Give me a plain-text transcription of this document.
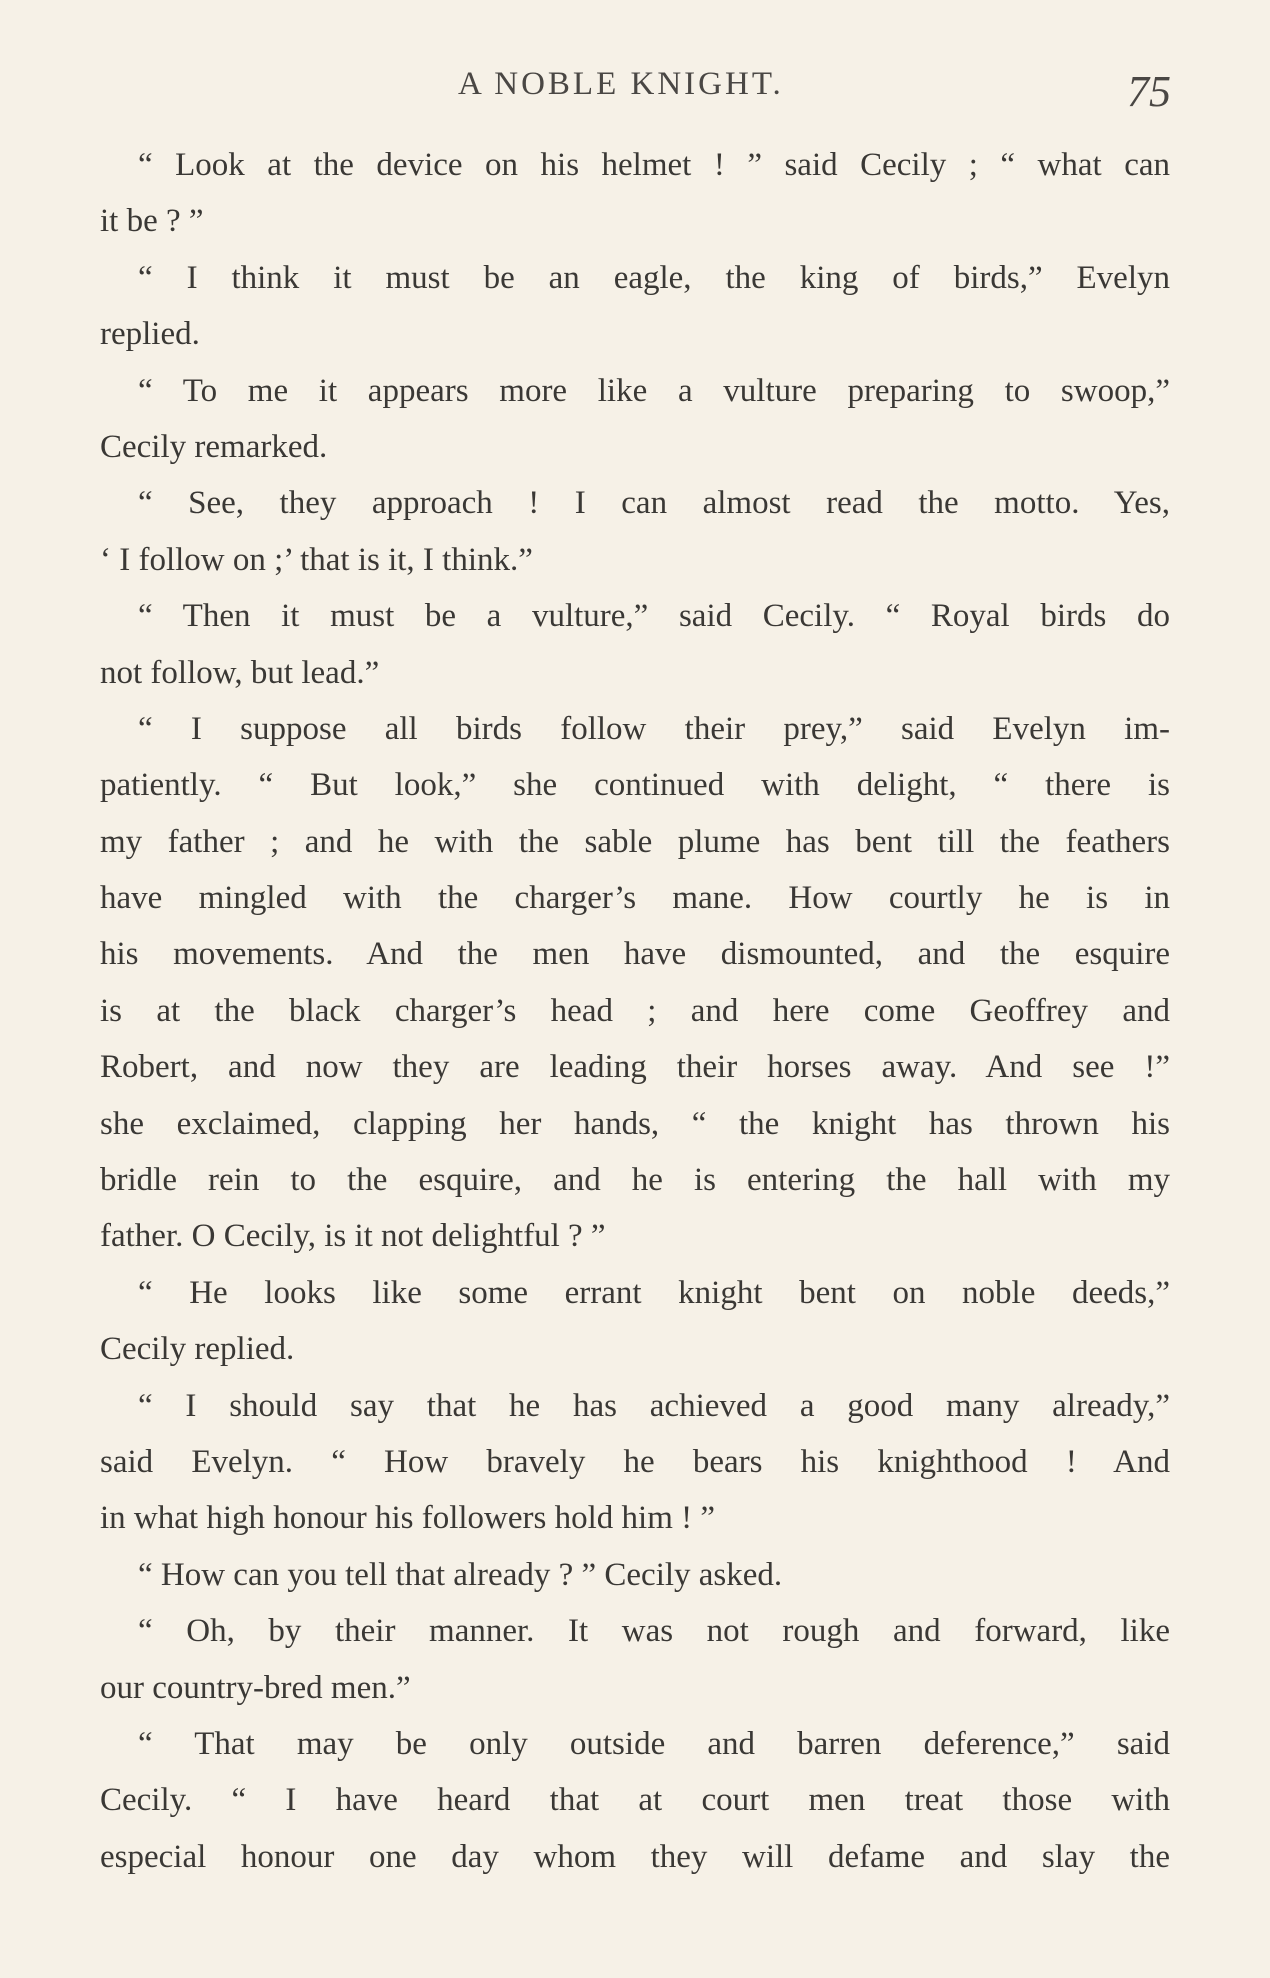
A NOBLE KNIGHT.	75
“ Look at the device on his helmet ! ” said Cecily ; “ what can
it be ? ”
“ I think it must be an eagle, the king of birds,” Evelyn
replied.
“ To me it appears more like a vulture preparing to swoop,”
Cecily remarked.
“ See, they approach ! I can almost read the motto. Yes,
‘ I follow on ;’ that is it, I think.”
“ Then it must be a vulture,” said Cecily. “ Royal birds do
not follow, but lead.”
“ I suppose all birds follow their prey,” said Evelyn im-
patiently. “ But look,” she continued with delight, “ there is
my father ; and he with the sable plume has bent till the feathers
have mingled with the charger’s mane. How courtly he is in
his movements. And the men have dismounted, and the esquire
is at the black charger’s head ; and here come Geoffrey and
Robert, and now they are leading their horses away. And see !”
she exclaimed, clapping her hands, “ the knight has thrown his
bridle rein to the esquire, and he is entering the hall with my
father. O Cecily, is it not delightful ? ”
“ He looks like some errant knight bent on noble deeds,”
Cecily replied.
“ I should say that he has achieved a good many already,”
said Evelyn. “ How bravely he bears his knighthood ! And
in what high honour his followers hold him ! ”
“ How can you tell that already ? ” Cecily asked.
“ Oh, by their manner. It was not rough and forward, like
our country-bred men.”
“ That may be only outside and barren deference,” said
Cecily. “ I have heard that at court men treat those with
especial honour one day whom they will defame and slay the
